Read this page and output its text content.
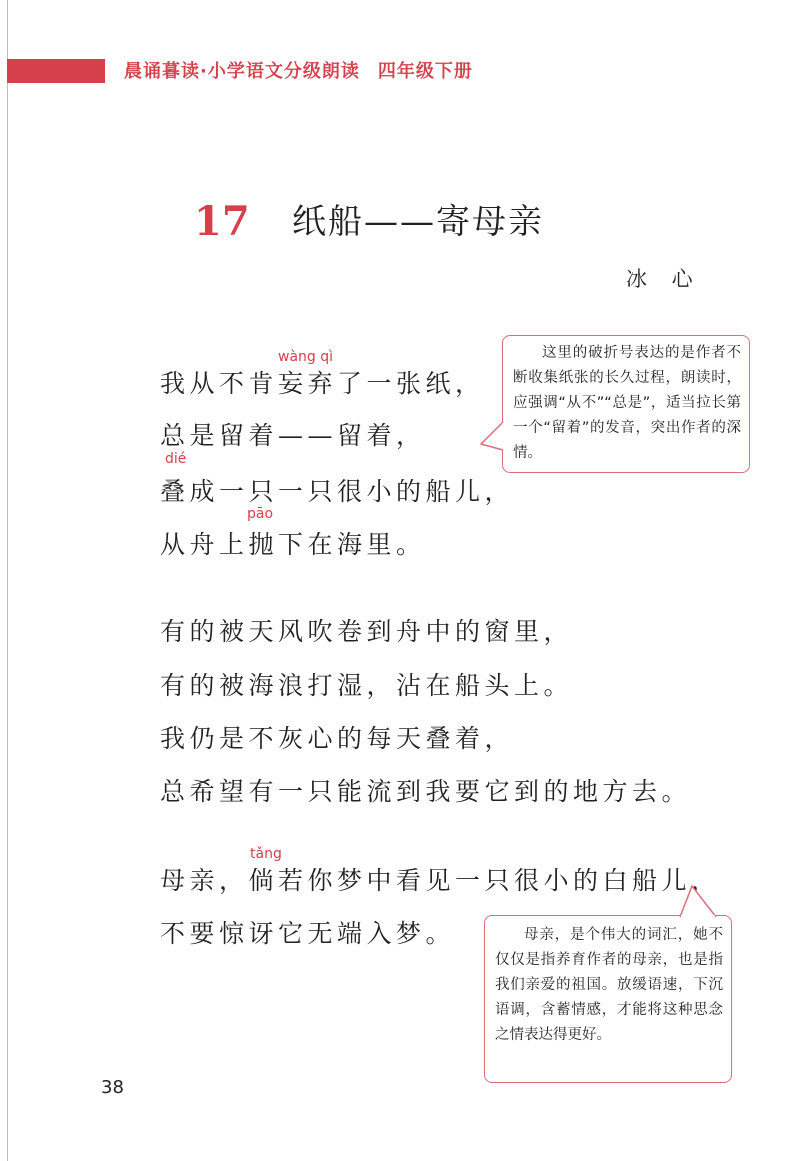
晨诵暮读·小学语文分级朗读 四年级下册
17 纸船——寄母亲
冰 心
wàng qì
dié
pāo
tǎng
我从不肯妄弃了一张纸，
总是留着——留着，
叠成一只一只很小的船儿，
从舟上抛下在海里。
有的被天风吹卷到舟中的窗里，
有的被海浪打湿，沾在船头上。
我仍是不灰心的每天叠着，
总希望有一只能流到我要它到的地方去。
母亲，倘若你梦中看见一只很小的白船儿，
不要惊讶它无端入梦。

这里的破折号表达的是作者不断收集纸张的长久过程，朗读时，应强调“从不”“总是”，适当拉长第一个“留着”的发音，突出作者的深情。

母亲，是个伟大的词汇，她不仅仅是指养育作者的母亲，也是指我们亲爱的祖国。放缓语速，下沉语调，含蓄情感，才能将这种思念之情表达得更好。

38
